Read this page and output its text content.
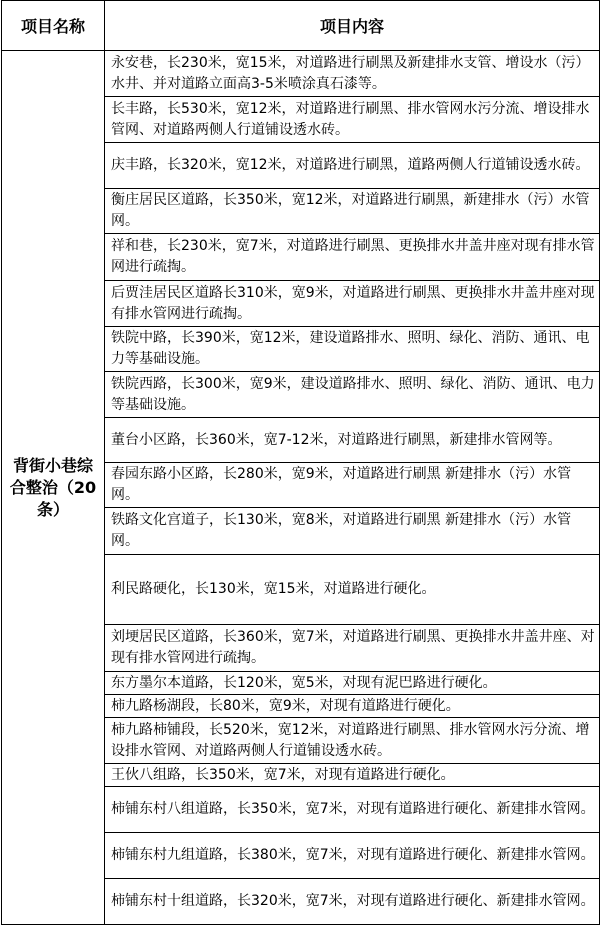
项目名称	项目内容
背街小巷综合整治（20条）	永安巷，长230米，宽15米，对道路进行刷黑及新建排水支管、增设水（污）水井、并对道路立面高3-5米喷涂真石漆等。
	长丰路，长530米，宽12米，对道路进行刷黑、排水管网水污分流、增设排水管网、对道路两侧人行道铺设透水砖。
	庆丰路，长320米，宽12米，对道路进行刷黑，道路两侧人行道铺设透水砖。
	衡庄居民区道路，长350米，宽12米，对道路进行刷黑，新建排水（污）水管网。
	祥和巷，长230米，宽7米，对道路进行刷黑、更换排水井盖井座对现有排水管网进行疏掏。
	后贾洼居民区道路长310米，宽9米，对道路进行刷黑、更换排水井盖井座对现有排水管网进行疏掏。
	铁院中路，长390米，宽12米，建设道路排水、照明、绿化、消防、通讯、电力等基础设施。
	铁院西路，长300米，宽9米，建设道路排水、照明、绿化、消防、通讯、电力等基础设施。
	董台小区路，长360米，宽7-12米，对道路进行刷黑，新建排水管网等。
	春园东路小区路，长280米，宽9米，对道路进行刷黑 新建排水（污）水管网。
	铁路文化宫道子，长130米，宽8米，对道路进行刷黑 新建排水（污）水管网。
	利民路硬化，长130米，宽15米，对道路进行硬化。
	刘埂居民区道路，长360米，宽7米，对道路进行刷黑、更换排水井盖井座、对现有排水管网进行疏掏。
	东方墨尔本道路，长120米，宽5米，对现有泥巴路进行硬化。
	柿九路杨湖段，长80米，宽9米，对现有道路进行硬化。
	柿九路柿铺段，长520米，宽12米，对道路进行刷黑、排水管网水污分流、增设排水管网、对道路两侧人行道铺设透水砖。
	王伙八组路，长350米，宽7米，对现有道路进行硬化。
	柿铺东村八组道路，长350米，宽7米，对现有道路进行硬化、新建排水管网。
	柿铺东村九组道路，长380米，宽7米，对现有道路进行硬化、新建排水管网。
	柿铺东村十组道路，长320米，宽7米，对现有道路进行硬化、新建排水管网。
